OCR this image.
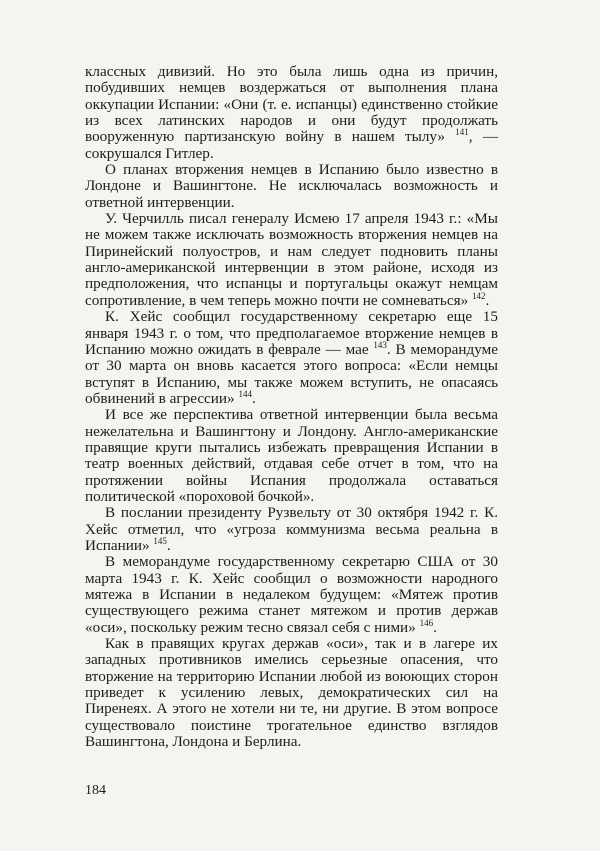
классных дивизий. Но это была лишь одна из причин, побудивших немцев воздержаться от выполнения плана оккупации Испании: «Они (т. е. испанцы) единственно стойкие из всех латинских народов и они будут продолжать вооруженную партизанскую войну в нашем тылу» $^{141}$, — сокрушался Гитлер.

О планах вторжения немцев в Испанию было известно в Лондоне и Вашингтоне. Не исключалась возможность и ответной интервенции.

У. Черчилль писал генералу Исмею 17 апреля 1943 г.: «Мы не можем также исключать возможность вторжения немцев на Пиринейский полуостров, и нам следует подновить планы англо-американской интервенции в этом районе, исходя из предположения, что испанцы и португальцы окажут немцам сопротивление, в чем теперь можно почти не сомневаться» $^{142}$.

К. Хейс сообщил государственному секретарю еще 15 января 1943 г. о том, что предполагаемое вторжение немцев в Испанию можно ожидать в феврале — мае $^{143}$. В меморандуме от 30 марта он вновь касается этого вопроса: «Если немцы вступят в Испанию, мы также можем вступить, не опасаясь обвинений в агрессии» $^{144}$.

И все же перспектива ответной интервенции была весьма нежелательна и Вашингтону и Лондону. Англо-американские правящие круги пытались избежать превращения Испании в театр военных действий, отдавая себе отчет в том, что на протяжении войны Испания продолжала оставаться политической «пороховой бочкой».

В послании президенту Рузвельту от 30 октября 1942 г. К. Хейс отметил, что «угроза коммунизма весьма реальна в Испании» $^{145}$.

В меморандуме государственному секретарю США от 30 марта 1943 г. К. Хейс сообщил о возможности народного мятежа в Испании в недалеком будущем: «Мятеж против существующего режима станет мятежом и против держав «оси», поскольку режим тесно связал себя с ними» $^{146}$.

Как в правящих кругах держав «оси», так и в лагере их западных противников имелись серьезные опасения, что вторжение на территорию Испании любой из воюющих сторон приведет к усилению левых, демократических сил на Пиренеях. А этого не хотели ни те, ни другие. В этом вопросе существовало поистине трогательное единство взглядов Вашингтона, Лондона и Берлина.

184
